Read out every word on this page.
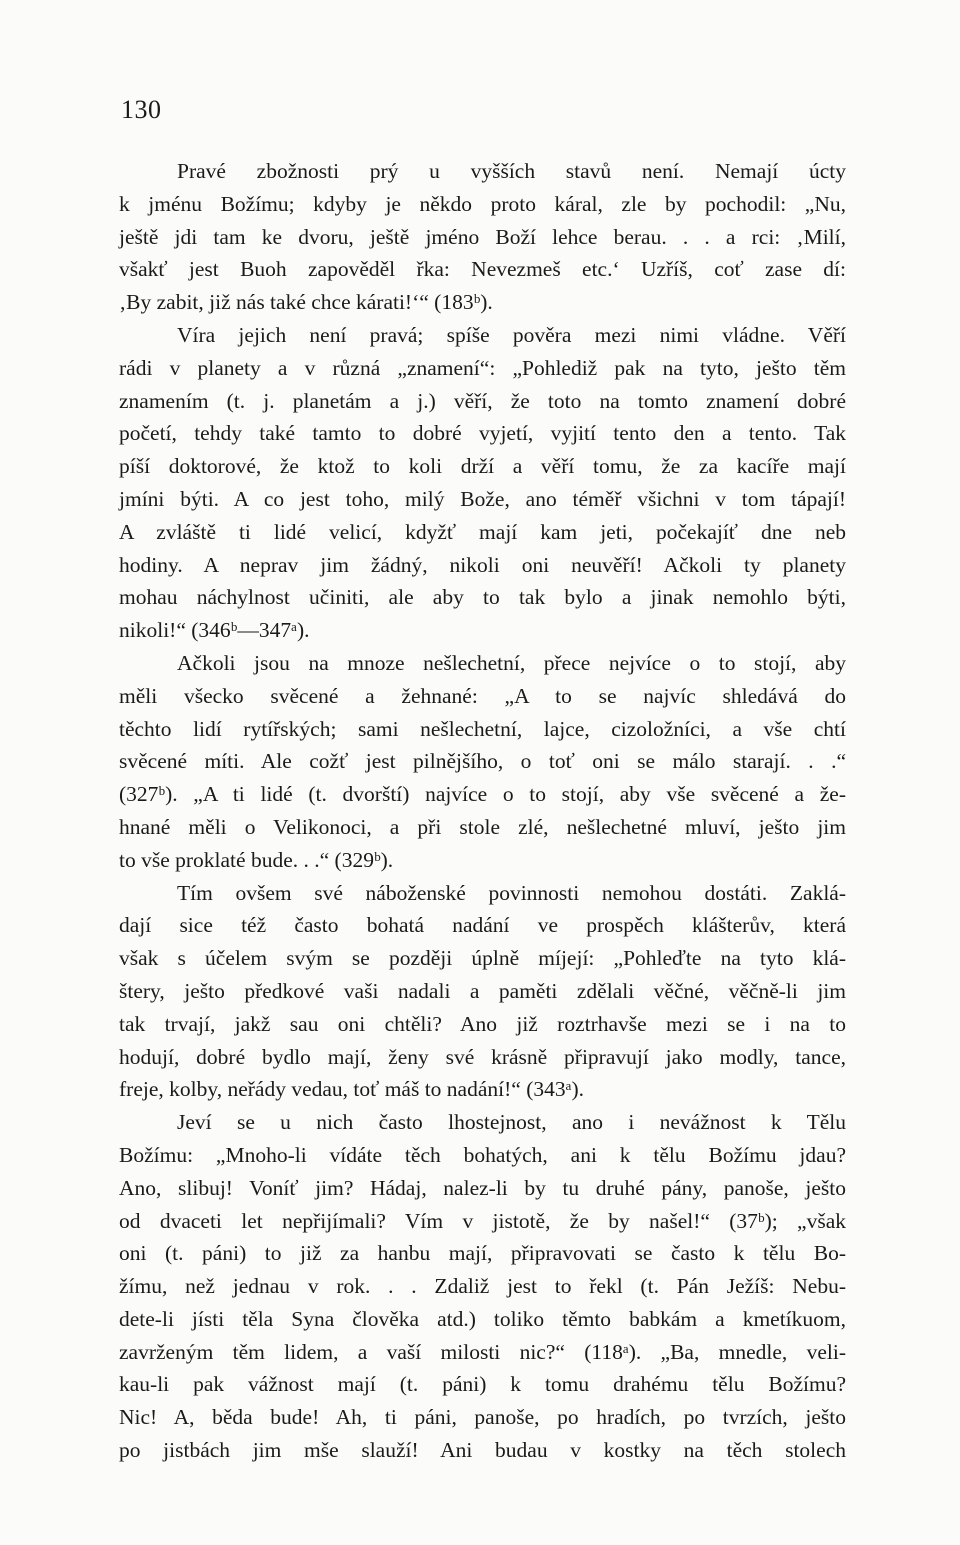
130
Pravé zbožnosti prý u vyšších stavů není. Nemají úcty
k jménu Božímu; kdyby je někdo proto káral, zle by pochodil: „Nu,
ještě jdi tam ke dvoru, ještě jméno Boží lehce berau. . . a rci: ‚Milí,
všakť jest Buoh zapověděl řka: Nevezmeš etc.‘ Uzříš, coť zase dí:
‚By zabit, již nás také chce kárati!‘“ (183ᵇ).
Víra jejich není pravá; spíše pověra mezi nimi vládne. Věří
rádi v planety a v různá „znamení“: „Pohlediž pak na tyto, ješto těm
znamením (t. j. planetám a j.) věří, že toto na tomto znamení dobré
početí, tehdy také tamto to dobré vyjetí, vyjití tento den a tento. Tak
píší doktorové, že ktož to koli drží a věří tomu, že za kacíře mají
jmíni býti. A co jest toho, milý Bože, ano téměř všichni v tom tápají!
A zvláště ti lidé velicí, kdyžť mají kam jeti, počekajíť dne neb
hodiny. A neprav jim žádný, nikoli oni neuvěří! Ačkoli ty planety
mohau náchylnost učiniti, ale aby to tak bylo a jinak nemohlo býti,
nikoli!“ (346ᵇ—347ᵃ).
Ačkoli jsou na mnoze nešlechetní, přece nejvíce o to stojí, aby
měli všecko svěcené a žehnané: „A to se najvíc shledává do
těchto lidí rytířských; sami nešlechetní, lajce, cizoložníci, a vše chtí
svěcené míti. Ale cožť jest pilnějšího, o toť oni se málo starají. . .“
(327ᵇ). „A ti lidé (t. dvorští) najvíce o to stojí, aby vše svěcené a že-
hnané měli o Velikonoci, a při stole zlé, nešlechetné mluví, ješto jim
to vše proklaté bude. . .“ (329ᵇ).
Tím ovšem své náboženské povinnosti nemohou dostáti. Zaklá-
dají sice též často bohatá nadání ve prospěch klášterův, která
však s účelem svým se později úplně míjejí: „Pohleďte na tyto klá-
štery, ješto předkové vaši nadali a paměti zdělali věčné, věčně-li jim
tak trvají, jakž sau oni chtěli? Ano již roztrhavše mezi se i na to
hodují, dobré bydlo mají, ženy své krásně připravují jako modly, tance,
freje, kolby, neřády vedau, toť máš to nadání!“ (343ᵃ).
Jeví se u nich často lhostejnost, ano i nevážnost k Tělu
Božímu: „Mnoho-li vídáte těch bohatých, ani k tělu Božímu jdau?
Ano, slibuj! Voníť jim? Hádaj, nalez-li by tu druhé pány, panoše, ješto
od dvaceti let nepřijímali? Vím v jistotě, že by našel!“ (37ᵇ); „však
oni (t. páni) to již za hanbu mají, připravovati se často k tělu Bo-
žímu, než jednau v rok. . . Zdaliž jest to řekl (t. Pán Ježíš: Nebu-
dete-li jísti těla Syna člověka atd.) toliko těmto babkám a kmetíkuom,
zavrženým těm lidem, a vaší milosti nic?“ (118ᵃ). „Ba, mnedle, veli-
kau-li pak vážnost mají (t. páni) k tomu drahému tělu Božímu?
Nic! A, běda bude! Ah, ti páni, panoše, po hradích, po tvrzích, ješto
po jistbách jim mše slauží! Ani budau v kostky na těch stolech
